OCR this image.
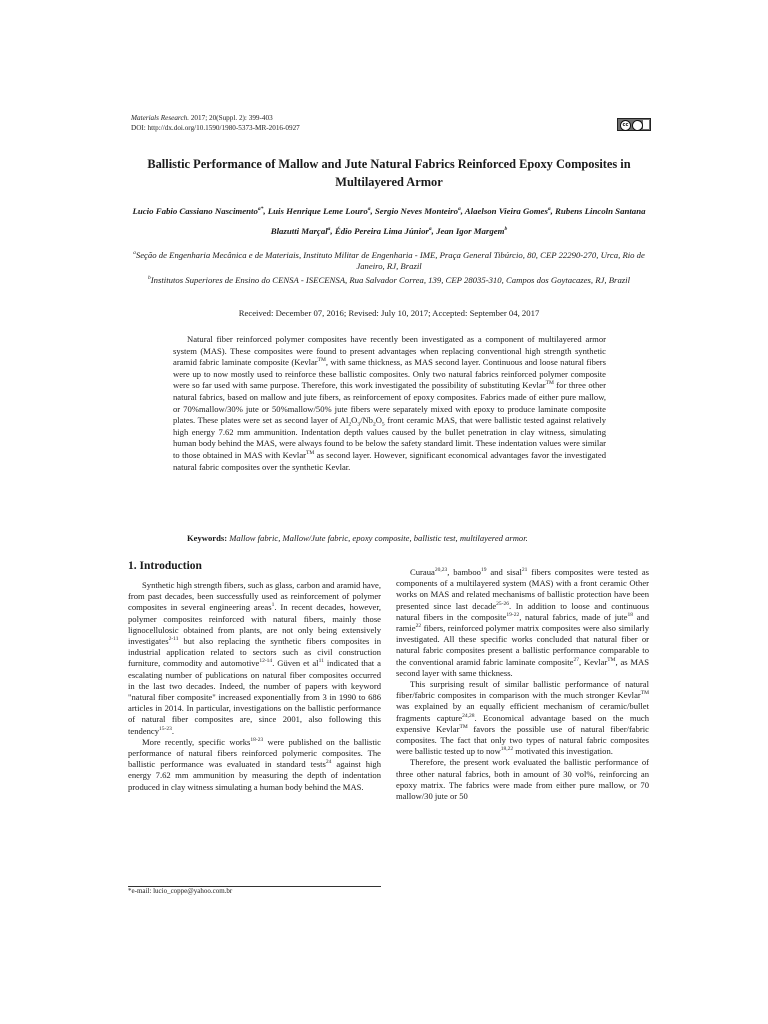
Materials Research. 2017; 20(Suppl. 2): 399-403
DOI: http://dx.doi.org/10.1590/1980-5373-MR-2016-0927	cc
Ballistic Performance of Mallow and Jute Natural Fabrics Reinforced Epoxy Composites in Multilayered Armor
Lucio Fabio Cassiano Nascimento$^{a*}$, Luis Henrique Leme Louro$^a$, Sergio Neves Monteiro$^a$, Alaelson Vieira Gomes$^a$, Rubens Lincoln Santana Blazutti Marçal$^a$, Édio Pereira Lima Júnior$^a$, Jean Igor Margem$^b$
$^a$Seção de Engenharia Mecânica e de Materiais, Instituto Militar de Engenharia - IME, Praça General Tibúrcio, 80, CEP 22290-270, Urca, Rio de Janeiro, RJ, Brazil
$^b$Institutos Superiores de Ensino do CENSA - ISECENSA, Rua Salvador Correa, 139, CEP 28035-310, Campos dos Goytacazes, RJ, Brazil
Received: December 07, 2016; Revised: July 10, 2017; Accepted: September 04, 2017

Natural fiber reinforced polymer composites have recently been investigated as a component of multilayered armor system (MAS). These composites were found to present advantages when replacing conventional high strength synthetic aramid fabric laminate composite (Kevlar™, with same thickness, as MAS second layer. Continuous and loose natural fibers were up to now mostly used to reinforce these ballistic composites. Only two natural fabrics reinforced polymer composite were so far used with same purpose. Therefore, this work investigated the possibility of substituting Kevlar™ for three other natural fabrics, based on mallow and jute fibers, as reinforcement of epoxy composites. Fabrics made of either pure mallow, or 70%mallow/30% jute or 50%mallow/50% jute fibers were separately mixed with epoxy to produce laminate composite plates. These plates were set as second layer of $Al_2O_3/Nb_2O_5$ front ceramic MAS, that were ballistic tested against relatively high energy 7.62 mm ammunition. Indentation depth values caused by the bullet penetration in clay witness, simulating human body behind the MAS, were always found to be below the safety standard limit. These indentation values were similar to those obtained in MAS with Kevlar™ as second layer. However, significant economical advantages favor the investigated natural fabric composites over the synthetic Kevlar.

Keywords: Mallow fabric, Mallow/Jute fabric, epoxy composite, ballistic test, multilayered armor.

1. Introduction

Synthetic high strength fibers, such as glass, carbon and aramid have, from past decades, been successfully used as reinforcement of polymer composites in several engineering areas$^1$. In recent decades, however, polymer composites reinforced with natural fibers, mainly those lignocellulosic obtained from plants, are not only being extensively investigates$^{2-11}$ but also replacing the synthetic fibers composites in industrial application related to sectors such as civil construction furniture, commodity and automotive$^{12-14}$. Güven et $al^{11}$ indicated that a escalating number of publications on natural fiber composites occurred in the last two decades. Indeed, the number of papers with keyword "natural fiber composite" increased exponentially from 3 in 1990 to 686 articles in 2014. In particular, investigations on the ballistic performance of natural fiber composites are, since 2001, also following this tendency$^{15-23}$.

More recently, specific works$^{18-23}$ were published on the ballistic performance of natural fibers reinforced polymeric composites. The ballistic performance was evaluated in standard tests$^{24}$ against high energy 7.62 mm ammunition by measuring the depth of indentation produced in clay witness simulating a human body behind the MAS.

Curaua$^{20,23}$, bamboo$^{19}$ and sisal$^{21}$ fibers composites were tested as components of a multilayered system (MAS) with a front ceramic Other works on MAS and related mechanisms of ballistic protection have been presented since last decade$^{25-26}$. In addition to loose and continuous natural fibers in the composite$^{19-22}$, natural fabrics, made of jute$^{18}$ and ramie$^{22}$ fibers, reinforced polymer matrix composites were also similarly investigated. All these specific works concluded that natural fiber or natural fabric composites present a ballistic performance comparable to the conventional aramid fabric laminate composite$^{27}$, Kevlar™, as MAS second layer with same thickness.

This surprising result of similar ballistic performance of natural fiber/fabric composites in comparison with the much stronger Kevlar™ was explained by an equally efficient mechanism of ceramic/bullet fragments capture$^{24,28}$. Economical advantage based on the much expensive Kevlar™ favors the possible use of natural fiber/fabric composites. The fact that only two types of natural fabric composites were ballistic tested up to now$^{18,22}$ motivated this investigation.

Therefore, the present work evaluated the ballistic performance of three other natural fabrics, both in amount of 30 vol%, reinforcing an epoxy matrix. The fabrics were made from either pure mallow, or 70 mallow/30 jute or 50

*e-mail: lucio_coppe@yahoo.com.br
